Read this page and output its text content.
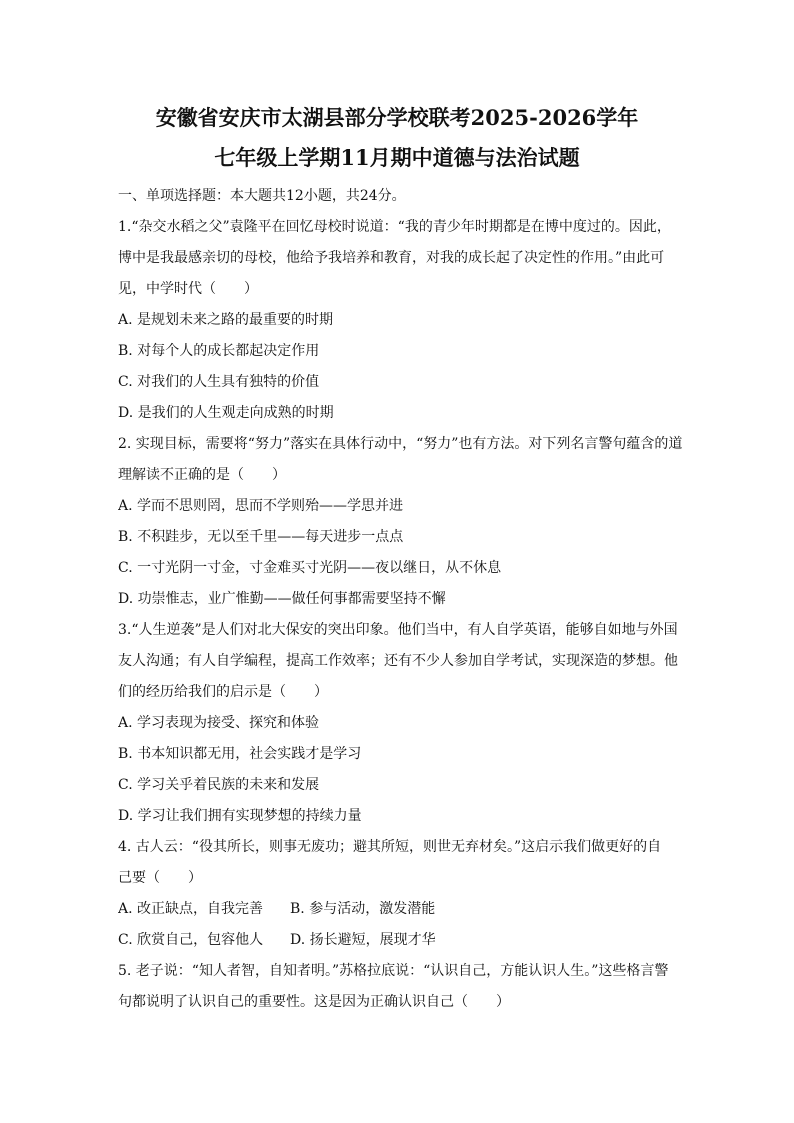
安徽省安庆市太湖县部分学校联考2025-2026学年
七年级上学期11月期中道德与法治试题
一、单项选择题：本大题共12小题，共24分。
1.“杂交水稻之父”袁隆平在回忆母校时说道：“我的青少年时期都是在博中度过的。因此，
博中是我最感亲切的母校，他给予我培养和教育，对我的成长起了决定性的作用。”由此可
见，中学时代（　　）
A. 是规划未来之路的最重要的时期
B. 对每个人的成长都起决定作用
C. 对我们的人生具有独特的价值
D. 是我们的人生观走向成熟的时期
2. 实现目标，需要将“努力”落实在具体行动中，“努力”也有方法。对下列名言警句蕴含的道
理解读不正确的是（　　）
A. 学而不思则罔，思而不学则殆——学思并进
B. 不积跬步，无以至千里——每天进步一点点
C. 一寸光阴一寸金，寸金难买寸光阴——夜以继日，从不休息
D. 功崇惟志，业广惟勤——做任何事都需要坚持不懈
3.“人生逆袭”是人们对北大保安的突出印象。他们当中，有人自学英语，能够自如地与外国
友人沟通；有人自学编程，提高工作效率；还有不少人参加自学考试，实现深造的梦想。他
们的经历给我们的启示是（　　）
A. 学习表现为接受、探究和体验
B. 书本知识都无用，社会实践才是学习
C. 学习关乎着民族的未来和发展
D. 学习让我们拥有实现梦想的持续力量
4. 古人云：“役其所长，则事无废功；避其所短，则世无弃材矣。”这启示我们做更好的自
己要（　　）
A. 改正缺点，自我完善 B. 参与活动，激发潜能
C. 欣赏自己，包容他人 D. 扬长避短，展现才华
5. 老子说：“知人者智，自知者明。”苏格拉底说：“认识自己，方能认识人生。”这些格言警
句都说明了认识自己的重要性。这是因为正确认识自己（　　）
